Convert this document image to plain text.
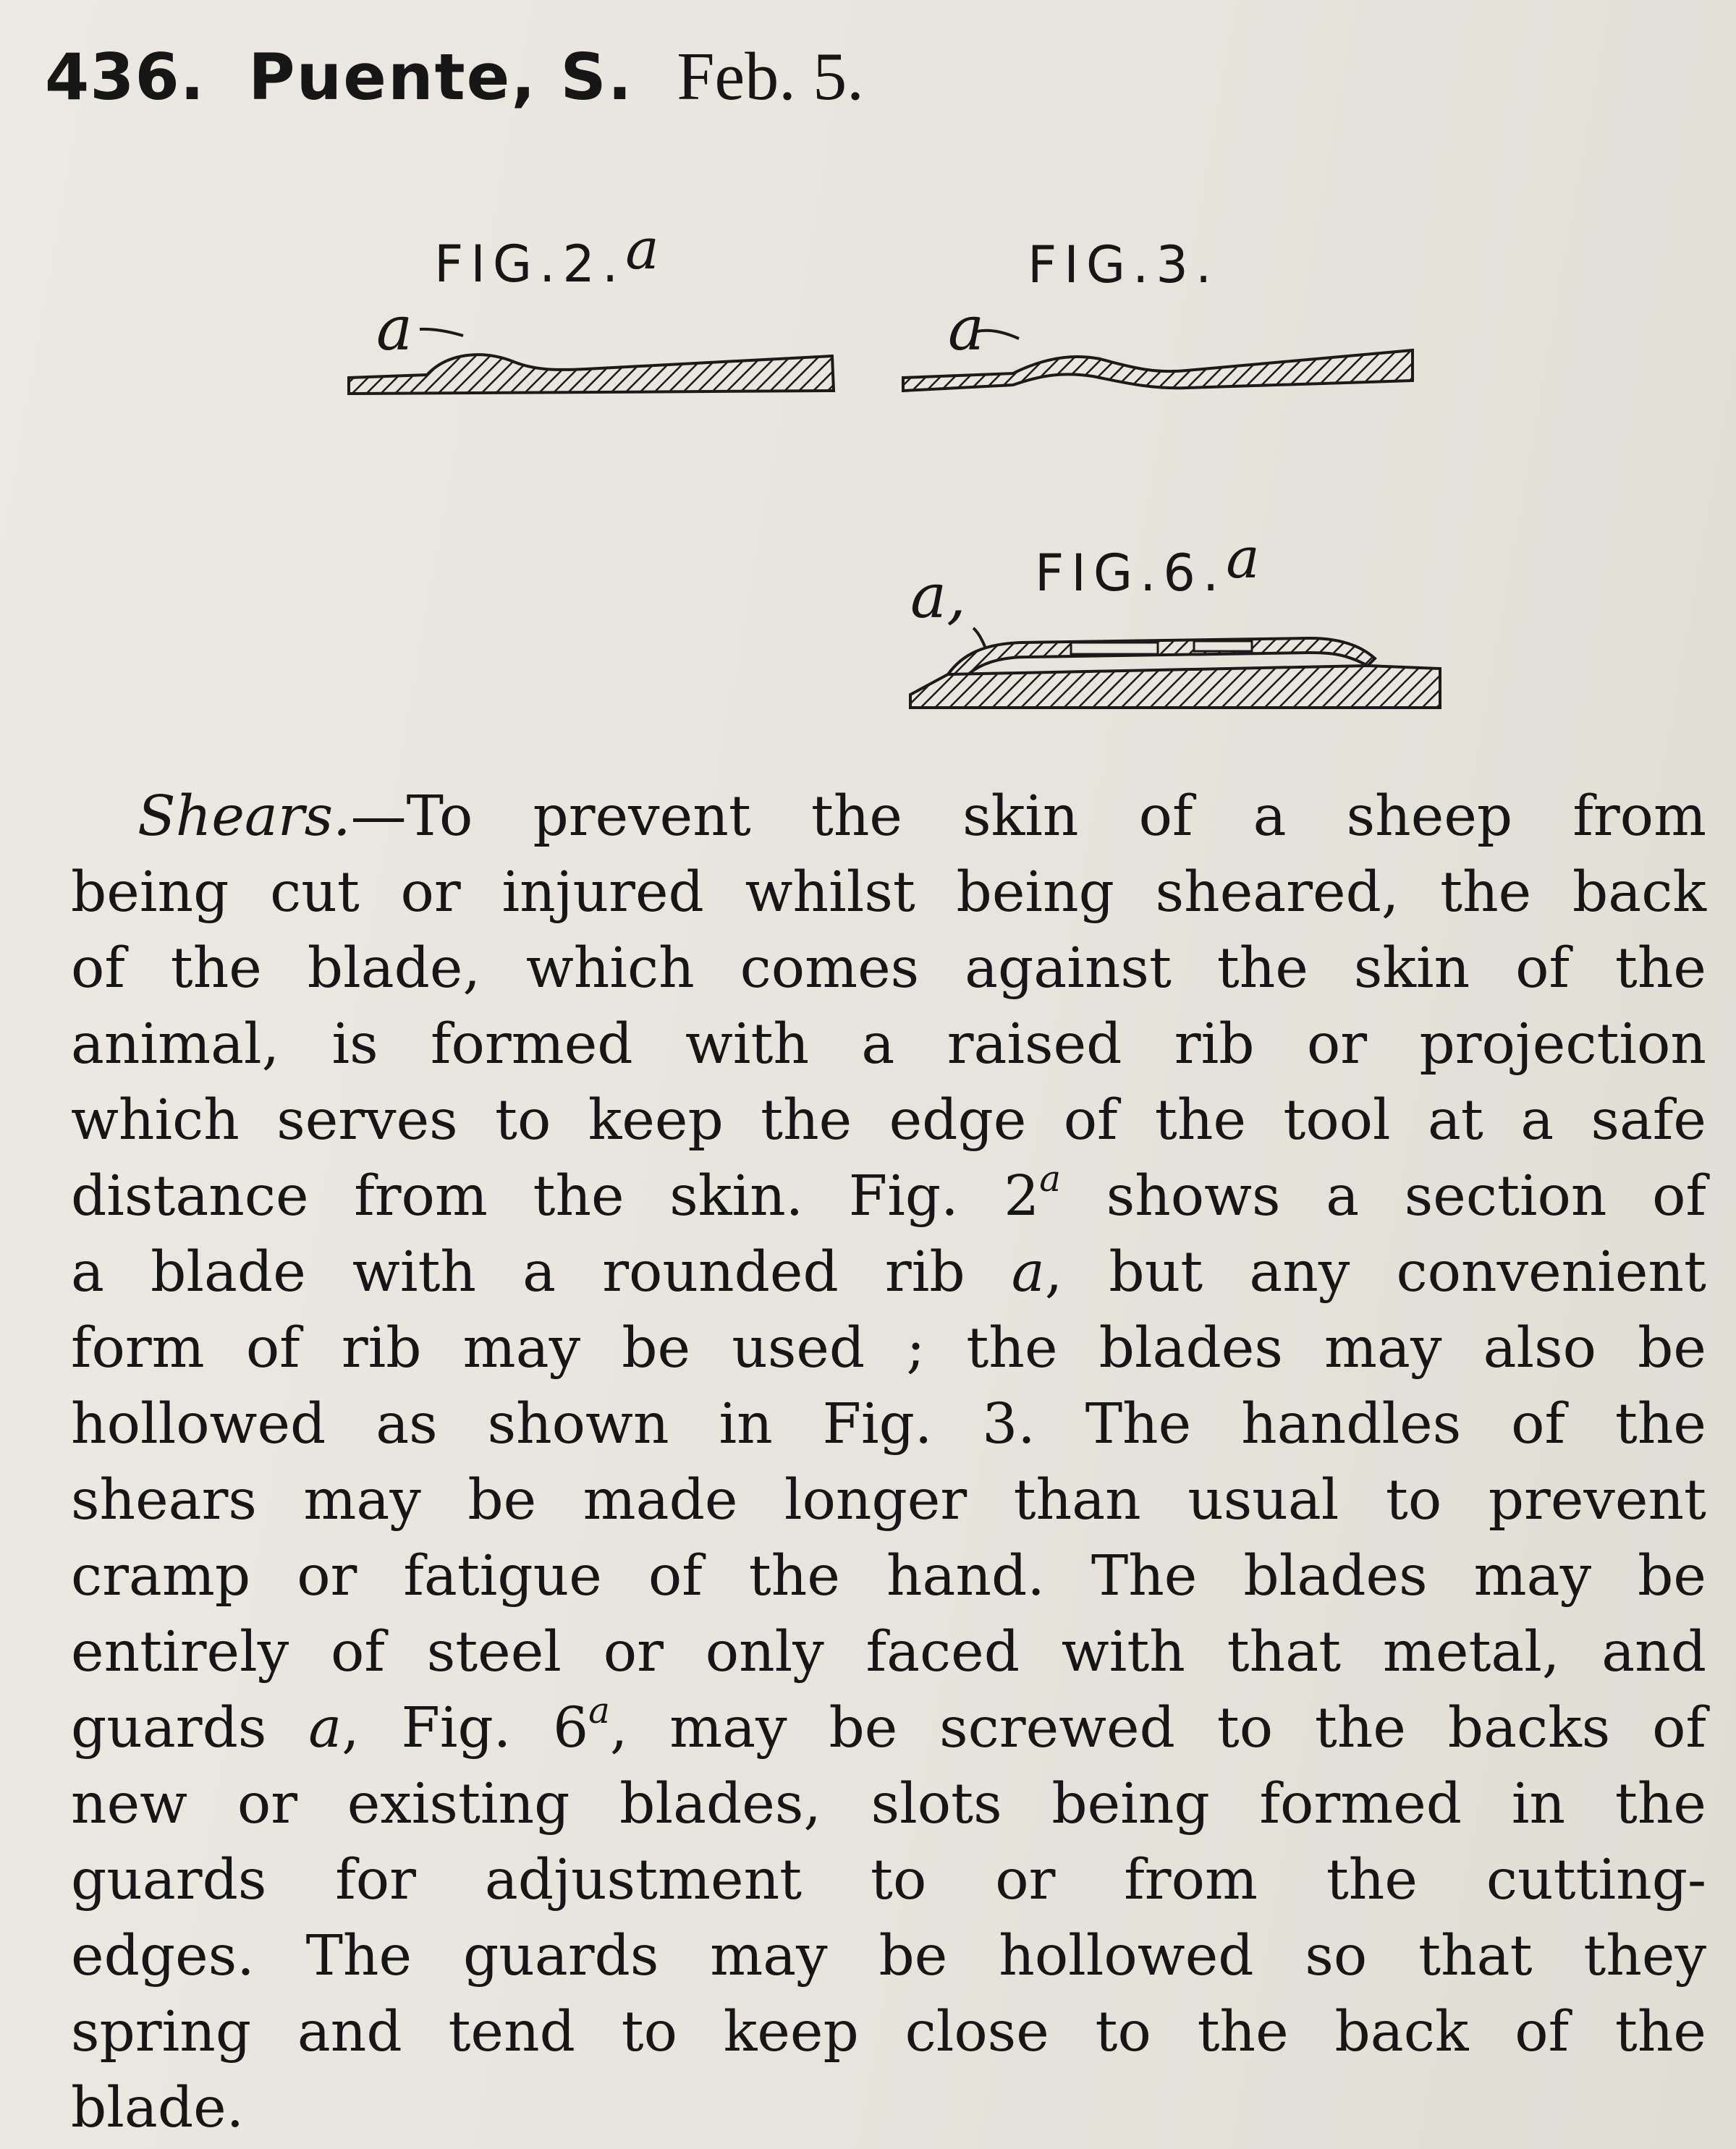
436. Puente, S. Feb. 5.
FIG.2.a
a
FIG.3.
a
FIG.6.a
a,
Shears.—To prevent the skin of a sheep from
being cut or injured whilst being sheared, the back
of the blade, which comes against the skin of the
animal, is formed with a raised rib or projection
which serves to keep the edge of the tool at a safe
distance from the skin. Fig. 2$^a$ shows a section of
a blade with a rounded rib a, but any convenient
form of rib may be used ; the blades may also be
hollowed as shown in Fig. 3. The handles of the
shears may be made longer than usual to prevent
cramp or fatigue of the hand. The blades may be
entirely of steel or only faced with that metal, and
guards a, Fig. 6$^a$, may be screwed to the backs of
new or existing blades, slots being formed in the
guards for adjustment to or from the cutting-
edges. The guards may be hollowed so that they
spring and tend to keep close to the back of the
blade.
